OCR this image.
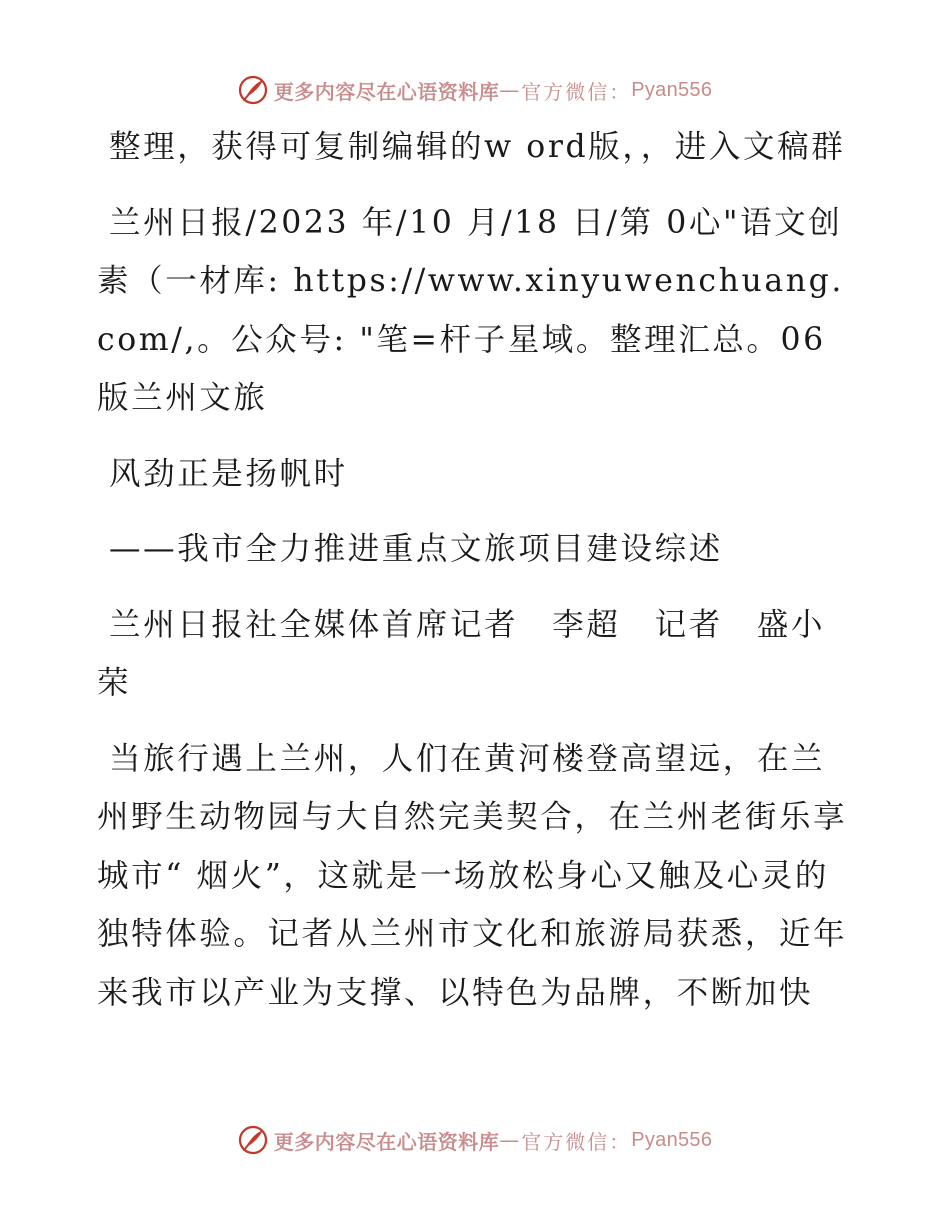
更多内容尽在心语资料库 — 官方微信： Pyan556

整理，获得可复制编辑的w ord版，，进入文稿群

兰州日报/2023 年/10 月/18 日/第 0心"语文创素（一材库: https://www.xinyuwenchuang.com/,。公众号: "笔=杆子星域。整理汇总。06 版兰州文旅

风劲正是扬帆时

——我市全力推进重点文旅项目建设综述

兰州日报社全媒体首席记者　李超　记者　盛小荣

当旅行遇上兰州，人们在黄河楼登高望远，在兰州野生动物园与大自然完美契合，在兰州老街乐享城市“ 烟火”，这就是一场放松身心又触及心灵的独特体验。记者从兰州市文化和旅游局获悉，近年来我市以产业为支撑、以特色为品牌，不断加快

更多内容尽在心语资料库 — 官方微信： Pyan556
